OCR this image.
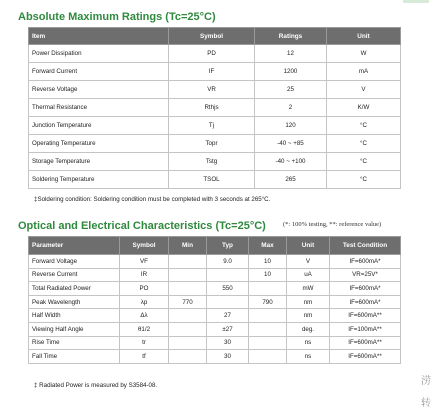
Absolute Maximum Ratings (Tc=25°C)
Item	Symbol	Ratings	Unit
Power Dissipation	PD	12	W
Forward Current	IF	1200	mA
Reverse Voltage	VR	25	V
Thermal Resistance	Rthjs	2	K/W
Junction Temperature	Tj	120	°C
Operating Temperature	Topr	-40 ~ +85	°C
Storage Temperature	Tstg	-40 ~ +100	°C
Soldering Temperature	TSOL	265	°C
‡Soldering condition: Soldering condition must be completed with 3 seconds at 265°C.
Optical and Electrical Characteristics (Tc=25°C)	(*: 100% testing, **: reference value)
Parameter	Symbol	Min	Typ	Max	Unit	Test Condition
Forward Voltage	VF		9.0	10	V	IF=600mA*
Reverse Current	IR			10	uA	VR=25V*
Total Radiated Power	PO		550		mW	IF=600mA*
Peak Wavelength	λp	770		790	nm	IF=600mA*
Half Width	Δλ		27		nm	IF=600mA**
Viewing Half Angle	θ1/2		±27		deg.	IF=100mA**
Rise Time	tr		30		ns	IF=600mA**
Fall Time	tf		30		ns	IF=600mA**
‡ Radiated Power is measured by S3584-08.	涝
转
